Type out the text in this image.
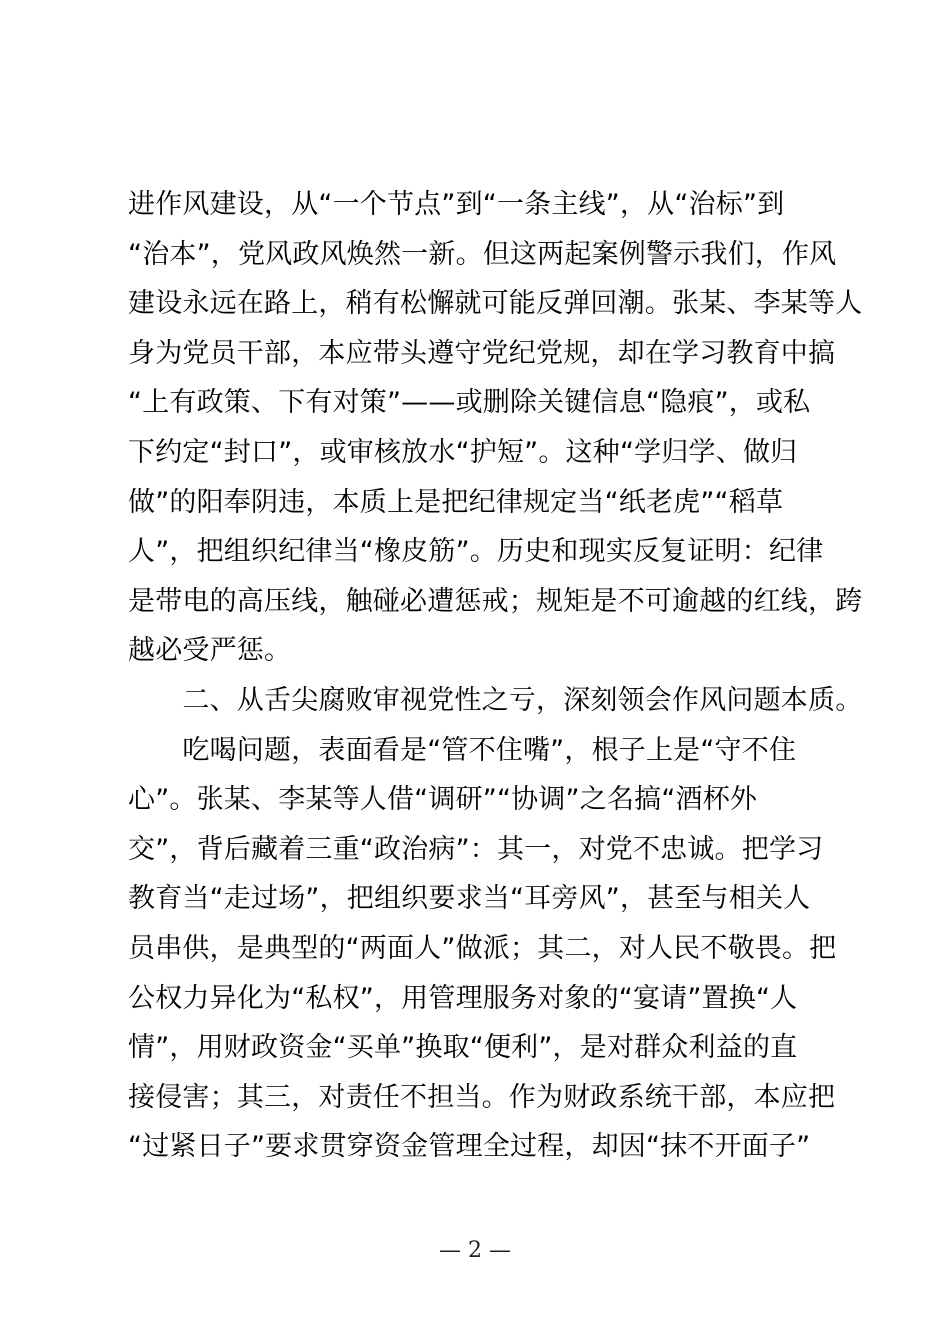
进作风建设，从“一个节点”到“一条主线”，从“治标”到
“治本”，党风政风焕然一新。但这两起案例警示我们，作风
建设永远在路上，稍有松懈就可能反弹回潮。张某、李某等人
身为党员干部，本应带头遵守党纪党规，却在学习教育中搞
“上有政策、下有对策”——或删除关键信息“隐痕”，或私
下约定“封口”，或审核放水“护短”。这种“学归学、做归
做”的阳奉阴违，本质上是把纪律规定当“纸老虎”“稻草
人”，把组织纪律当“橡皮筋”。历史和现实反复证明：纪律
是带电的高压线，触碰必遭惩戒；规矩是不可逾越的红线，跨
越必受严惩。
　　二、从舌尖腐败审视党性之亏，深刻领会作风问题本质。
　　吃喝问题，表面看是“管不住嘴”，根子上是“守不住
心”。张某、李某等人借“调研”“协调”之名搞“酒杯外
交”，背后藏着三重“政治病”：其一，对党不忠诚。把学习
教育当“走过场”，把组织要求当“耳旁风”，甚至与相关人
员串供，是典型的“两面人”做派；其二，对人民不敬畏。把
公权力异化为“私权”，用管理服务对象的“宴请”置换“人
情”，用财政资金“买单”换取“便利”，是对群众利益的直
接侵害；其三，对责任不担当。作为财政系统干部，本应把
“过紧日子”要求贯穿资金管理全过程，却因“抹不开面子”
— 2 —
